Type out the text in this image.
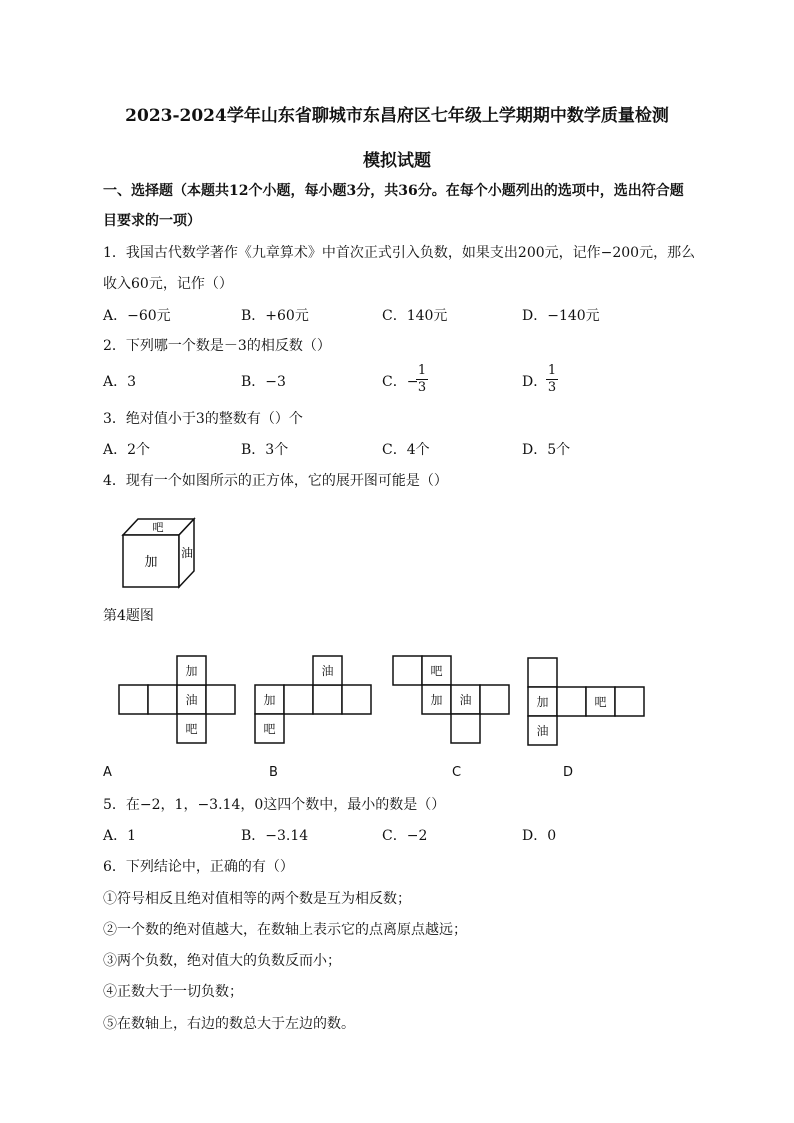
2023-2024学年山东省聊城市东昌府区七年级上学期期中数学质量检测
模拟试题
一、选择题（本题共12个小题，每小题3分，共36分。在每个小题列出的选项中，选出符合题
目要求的一项）
1．我国古代数学著作《九章算术》中首次正式引入负数，如果支出200元，记作−200元，那么
收入60元，记作（）
A．−60元	B．+60元	C．140元	D．−140元
2．下列哪一个数是－3的相反数（）
A．3	B．−3	C．−
1
3	D．
1
3
3．绝对值小于3的整数有（）个
A．2个	B．3个	C．4个	D．5个
4．现有一个如图所示的正方体，它的展开图可能是（）
吧
加
油
第4题图
加
油
吧
油
加
吧
吧
加 油	加	吧
油
A	B	C	D
5．在−2，1，−3.14，0这四个数中，最小的数是（）
A．1	B．−3.14	C．−2	D．0
6．下列结论中，正确的有（）
①符号相反且绝对值相等的两个数是互为相反数；
②一个数的绝对值越大，在数轴上表示它的点离原点越远；
③两个负数，绝对值大的负数反而小；
④正数大于一切负数；
⑤在数轴上，右边的数总大于左边的数。
